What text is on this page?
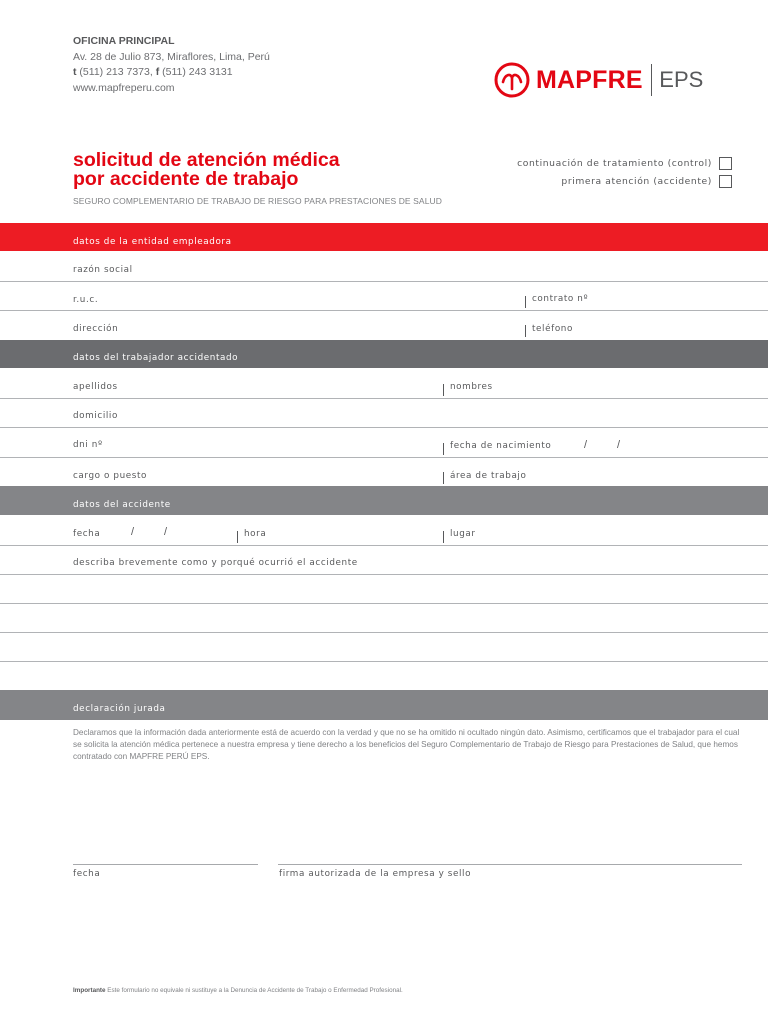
OFICINA PRINCIPAL
Av. 28 de Julio 873, Miraflores, Lima, Perú
t (511) 213 7373, f (511) 243 3131
www.mapfreperu.com	MAPFRE EPS
solicitud de atención médica
por accidente de trabajo
SEGURO COMPLEMENTARIO DE TRABAJO DE RIESGO PARA PRESTACIONES DE SALUD
continuación de tratamiento (control)
primera atención (accidente)
datos de la entidad empleadora
razón social
r.u.c.	contrato nº
dirección	teléfono
datos del trabajador accidentado
apellidos	nombres
domicilio
dni nº	fecha de nacimiento	/	/
cargo o puesto	área de trabajo
datos del accidente
fecha	/	/	hora	lugar
describa brevemente como y porqué ocurrió el accidente
declaración jurada
Declaramos que la información dada anteriormente está de acuerdo con la verdad y que no se ha omitido ni ocultado ningún dato. Asimismo, certificamos que el trabajador para el cual se solicita la atención médica pertenece a nuestra empresa y tiene derecho a los beneficios del Seguro Complementario de Trabajo de Riesgo para Prestaciones de Salud, que hemos contratado con MAPFRE PERÚ EPS.
fecha	firma autorizada de la empresa y sello
Importante Este formulario no equivale ni sustituye a la Denuncia de Accidente de Trabajo o Enfermedad Profesional.
